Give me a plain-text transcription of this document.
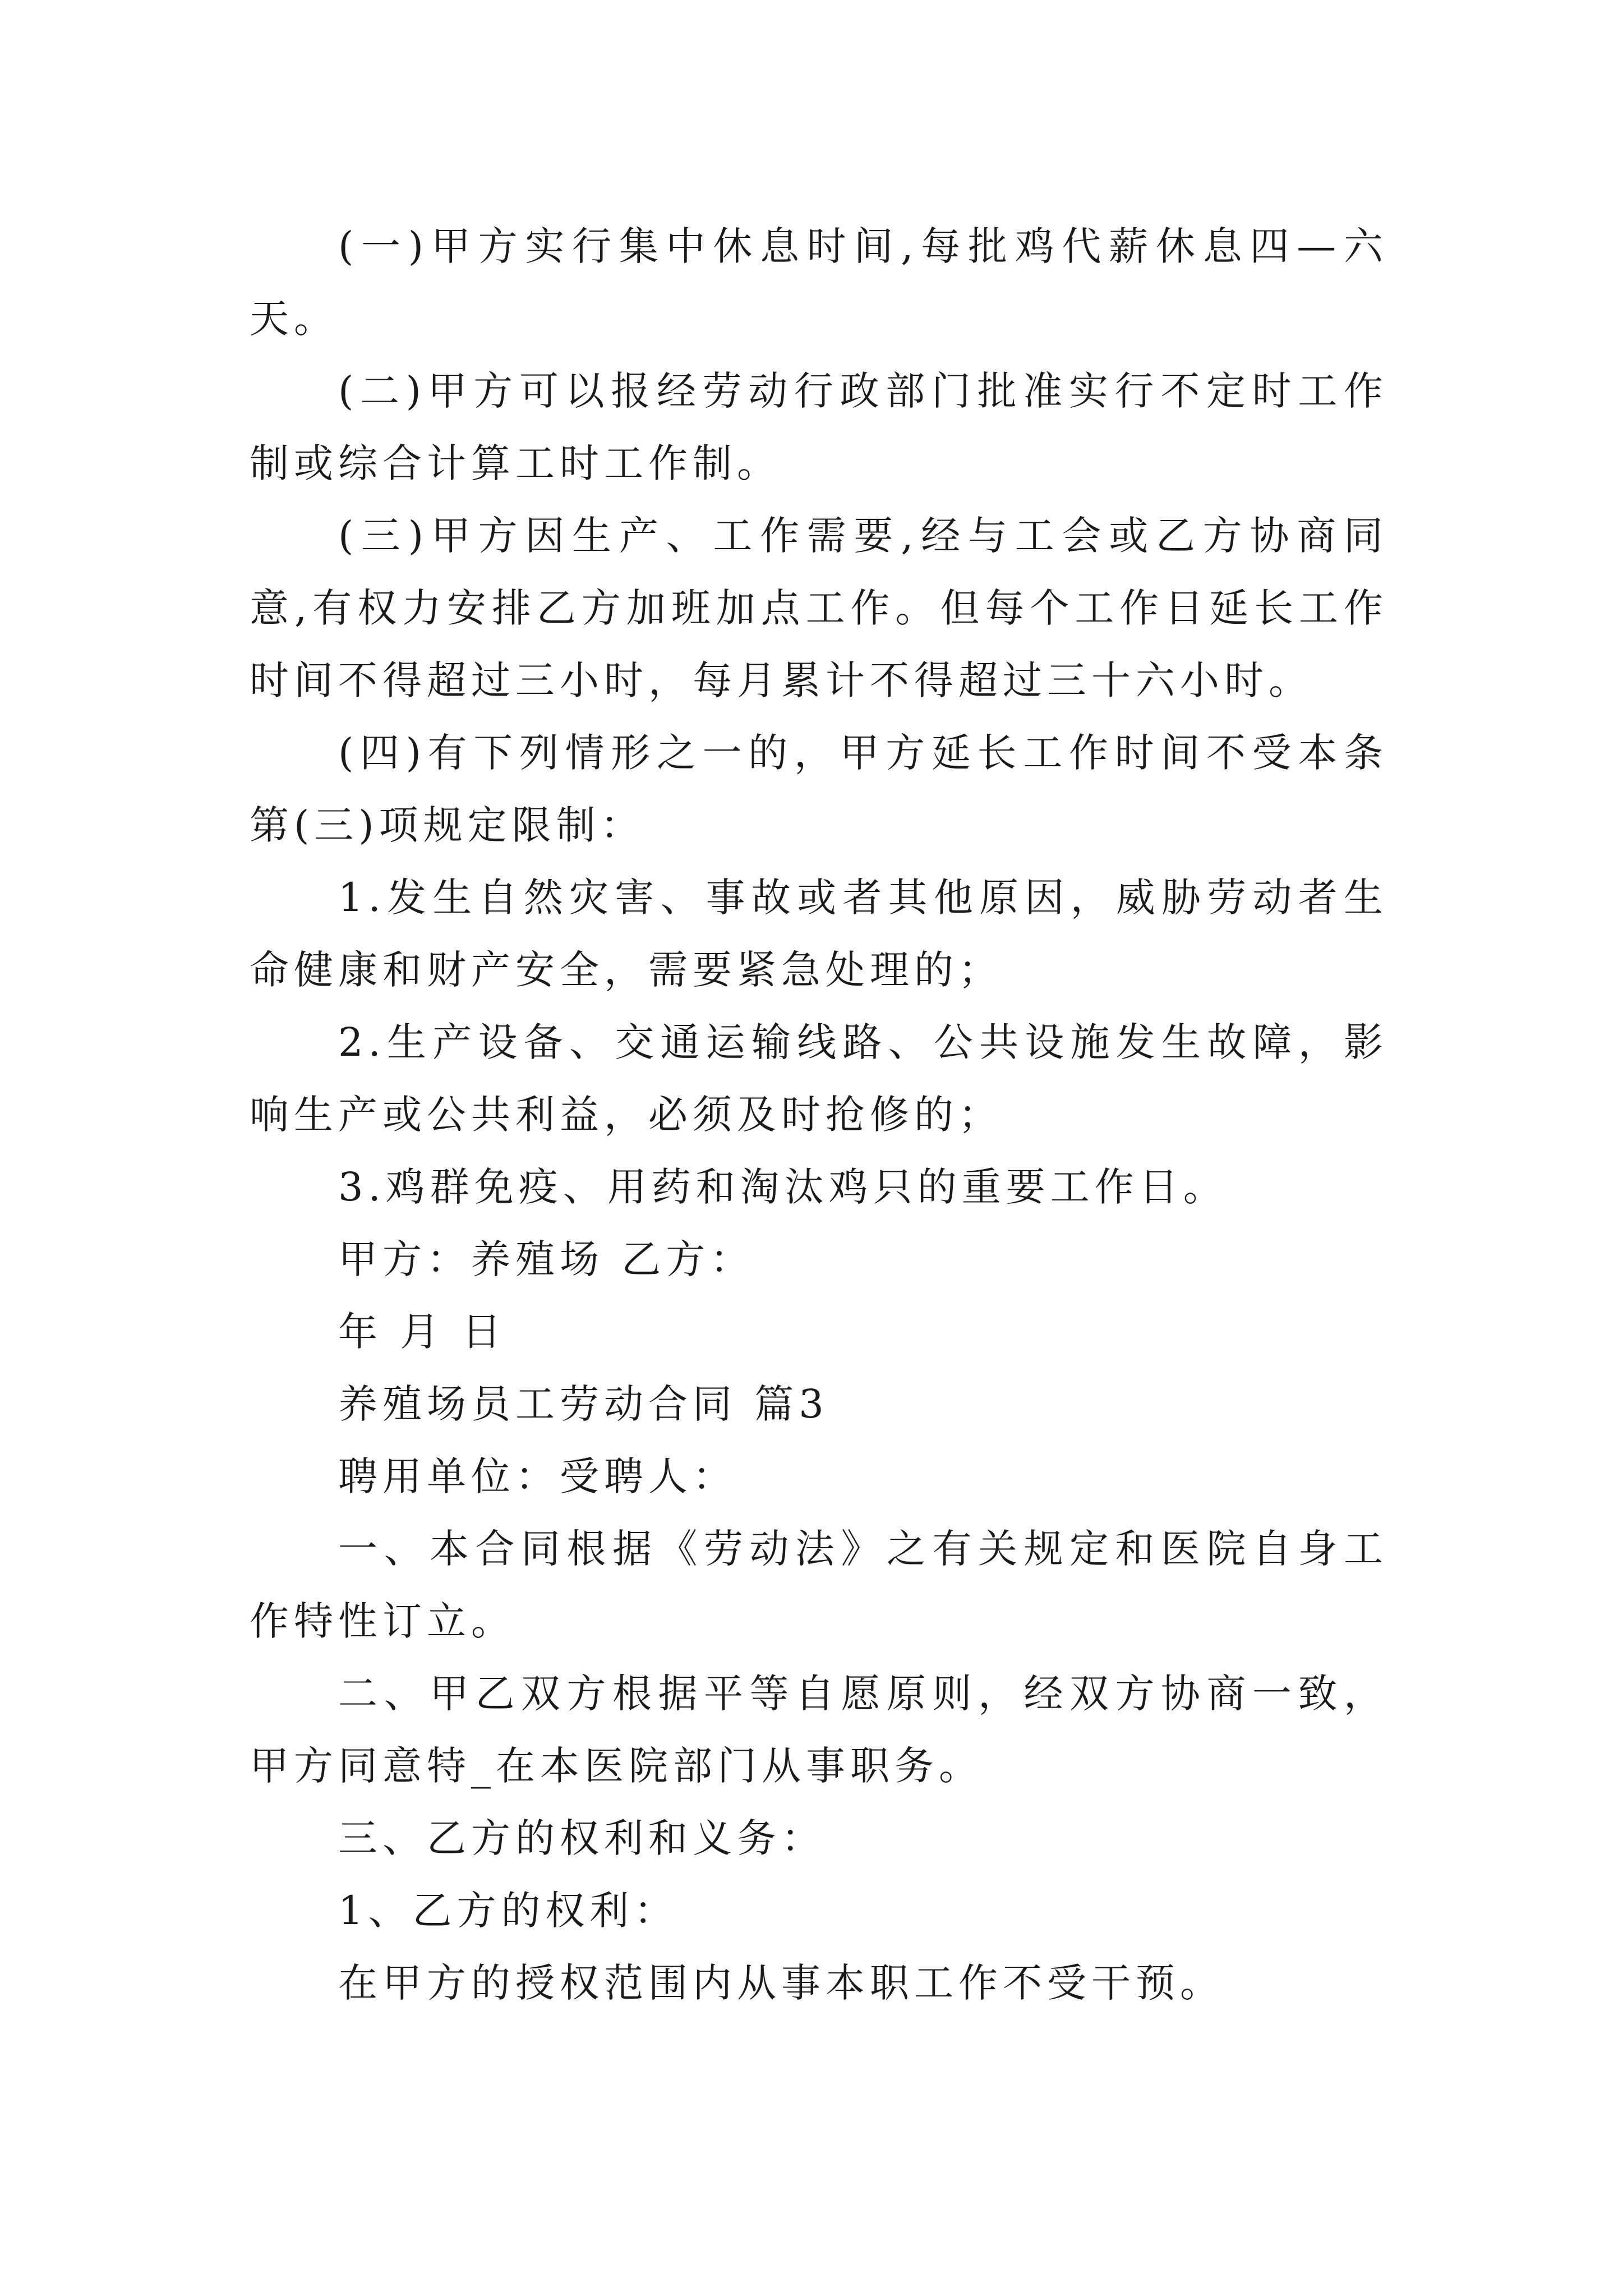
(一)甲方实行集中休息时间,每批鸡代薪休息四—六天。

(二)甲方可以报经劳动行政部门批准实行不定时工作制或综合计算工时工作制。

(三)甲方因生产、工作需要,经与工会或乙方协商同意,有权力安排乙方加班加点工作。但每个工作日延长工作时间不得超过三小时，每月累计不得超过三十六小时。

(四)有下列情形之一的，甲方延长工作时间不受本条第(三)项规定限制：

1.发生自然灾害、事故或者其他原因，威胁劳动者生命健康和财产安全，需要紧急处理的；

2.生产设备、交通运输线路、公共设施发生故障，影响生产或公共利益，必须及时抢修的；

3.鸡群免疫、用药和淘汰鸡只的重要工作日。

甲方：养殖场 乙方：

年 月 日

养殖场员工劳动合同 篇3

聘用单位：受聘人：

一、本合同根据《劳动法》之有关规定和医院自身工作特性订立。

二、甲乙双方根据平等自愿原则，经双方协商一致，甲方同意特_在本医院部门从事职务。

三、乙方的权利和义务：

1、乙方的权利：

在甲方的授权范围内从事本职工作不受干预。
